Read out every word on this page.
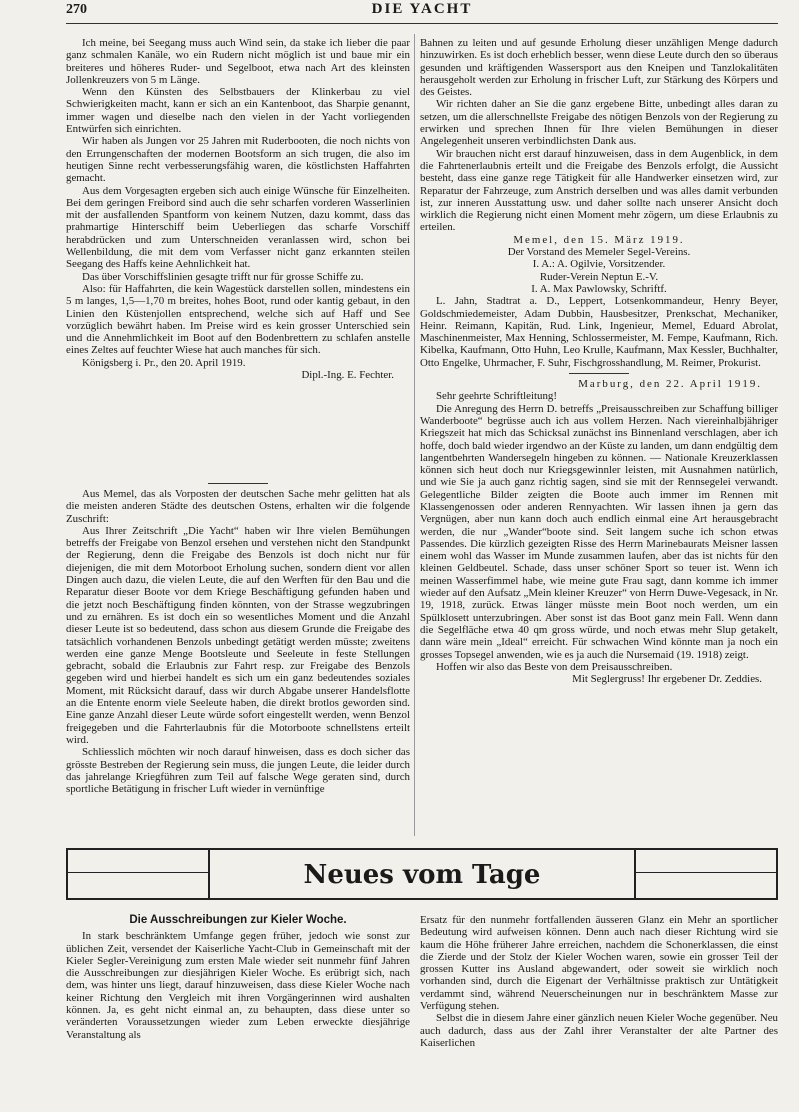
270	DIE YACHT

Ich meine, bei Seegang muss auch Wind sein, da stake ich lieber die paar ganz schmalen Kanäle, wo ein Rudern nicht möglich ist und baue mir ein breiteres und höheres Ruder- und Segelboot, etwa nach Art des kleinsten Jollenkreuzers von 5 m Länge.

Wenn den Künsten des Selbstbauers der Klinkerbau zu viel Schwierigkeiten macht, kann er sich an ein Kantenboot, das Sharpie genannt, immer wagen und dieselbe nach den vielen in der Yacht vorliegenden Entwürfen sich einrichten.

Wir haben als Jungen vor 25 Jahren mit Ruderbooten, die noch nichts von den Errungenschaften der modernen Bootsform an sich trugen, die also im heutigen Sinne recht verbesserungsfähig waren, die köstlichsten Haffahrten gemacht.

Aus dem Vorgesagten ergeben sich auch einige Wünsche für Einzelheiten. Bei dem geringen Freibord sind auch die sehr scharfen vorderen Wasserlinien mit der ausfallenden Spantform von keinem Nutzen, dazu kommt, dass das prahmartige Hinterschiff beim Ueberliegen das scharfe Vorschiff herabdrücken und zum Unterschneiden veranlassen wird, schon bei Wellenbildung, die mit dem vom Verfasser nicht ganz erkannten steilen Seegang des Haffs keine Aehnlichkeit hat.

Das über Vorschiffslinien gesagte trifft nur für grosse Schiffe zu.

Also: für Haffahrten, die kein Wagestück darstellen sollen, mindestens ein 5 m langes, 1,5—1,70 m breites, hohes Boot, rund oder kantig gebaut, in den Linien den Küstenjollen entsprechend, welche sich auf Haff und See vorzüglich bewährt haben. Im Preise wird es kein grosser Unterschied sein und die Annehmlichkeit im Boot auf den Bodenbrettern zu schlafen anstelle eines Zeltes auf feuchter Wiese hat auch manches für sich.

Königsberg i. Pr., den 20. April 1919.

Dipl.-Ing. E. Fechter.

Aus Memel, das als Vorposten der deutschen Sache mehr gelitten hat als die meisten anderen Städte des deutschen Ostens, erhalten wir die folgende Zuschrift:

Aus Ihrer Zeitschrift „Die Yacht“ haben wir Ihre vielen Bemühungen betreffs der Freigabe von Benzol ersehen und verstehen nicht den Standpunkt der Regierung, denn die Freigabe des Benzols ist doch nicht nur für diejenigen, die mit dem Motorboot Erholung suchen, sondern dient vor allen Dingen auch dazu, die vielen Leute, die auf den Werften für den Bau und die Reparatur dieser Boote vor dem Kriege Beschäftigung gefunden haben und die jetzt noch Beschäftigung finden könnten, von der Strasse wegzubringen und zu ernähren. Es ist doch ein so wesentliches Moment und die Anzahl dieser Leute ist so bedeutend, dass schon aus diesem Grunde die Freigabe des tatsächlich vorhandenen Benzols unbedingt getätigt werden müsste; zweitens werden eine ganze Menge Bootsleute und Seeleute in feste Stellungen gebracht, sobald die Erlaubnis zur Fahrt resp. zur Freigabe des Benzols gegeben wird und hierbei handelt es sich um ein ganz bedeutendes soziales Moment, mit Rücksicht darauf, dass wir durch Abgabe unserer Handelsflotte an die Entente enorm viele Seeleute haben, die direkt brotlos geworden sind. Eine ganze Anzahl dieser Leute würde sofort eingestellt werden, wenn Benzol freigegeben und die Fahrterlaubnis für die Motorboote schnellstens erteilt wird.

Schliesslich möchten wir noch darauf hinweisen, dass es doch sicher das grösste Bestreben der Regierung sein muss, die jungen Leute, die leider durch das jahrelange Kriegführen zum Teil auf falsche Wege geraten sind, durch sportliche Betätigung in frischer Luft wieder in vernünftige

Bahnen zu leiten und auf gesunde Erholung dieser unzähligen Menge dadurch hinzuwirken. Es ist doch erheblich besser, wenn diese Leute durch den so überaus gesunden und kräftigenden Wassersport aus den Kneipen und Tanzlokalitäten herausgeholt werden zur Erholung in frischer Luft, zur Stärkung des Körpers und des Geistes.

Wir richten daher an Sie die ganz ergebene Bitte, unbedingt alles daran zu setzen, um die allerschnellste Freigabe des nötigen Benzols von der Regierung zu erwirken und sprechen Ihnen für Ihre vielen Bemühungen in dieser Angelegenheit unseren verbindlichsten Dank aus.

Wir brauchen nicht erst darauf hinzuweisen, dass in dem Augenblick, in dem die Fahrtenerlaubnis erteilt und die Freigabe des Benzols erfolgt, die Aussicht besteht, dass eine ganze rege Tätigkeit für alle Handwerker einsetzen wird, zur Reparatur der Fahrzeuge, zum Anstrich derselben und was alles damit verbunden ist, zur inneren Ausstattung usw. und daher sollte nach unserer Ansicht doch wirklich die Regierung nicht einen Moment mehr zögern, um diese Erlaubnis zu erteilen.

Memel, den 15. März 1919.

Der Vorstand des Memeler Segel-Vereins.

I. A.: A. Ogilvie, Vorsitzender.

Ruder-Verein Neptun E.-V.

I. A. Max Pawlowsky, Schriftf.

L. Jahn, Stadtrat a. D., Leppert, Lotsenkommandeur, Henry Beyer, Goldschmiedemeister, Adam Dubbin, Hausbesitzer, Prenkschat, Mechaniker, Heinr. Reimann, Kapitän, Rud. Link, Ingenieur, Memel, Eduard Abrolat, Maschinenmeister, Max Henning, Schlossermeister, M. Fempe, Kaufmann, Rich. Kibelka, Kaufmann, Otto Huhn, Leo Krulle, Kaufmann, Max Kessler, Buchhalter, Otto Engelke, Uhrmacher, F. Suhr, Fischgrosshandlung, M. Reimer, Prokurist.

Marburg, den 22. April 1919.

Sehr geehrte Schriftleitung!

Die Anregung des Herrn D. betreffs „Preisausschreiben zur Schaffung billiger Wanderboote“ begrüsse auch ich aus vollem Herzen. Nach viereinhalbjähriger Kriegszeit hat mich das Schicksal zunächst ins Binnenland verschlagen, aber ich hoffe, doch bald wieder irgendwo an der Küste zu landen, um dann endgültig dem langentbehrten Wandersegeln hingeben zu können. — Nationale Kreuzerklassen können sich heut doch nur Kriegsgewinnler leisten, mit Ausnahmen natürlich, und wie Sie ja auch ganz richtig sagen, sind sie mit der Rennsegelei verwandt. Gelegentliche Bilder zeigten die Boote auch immer im Rennen mit Klassengenossen oder anderen Rennyachten. Wir lassen ihnen ja gern das Vergnügen, aber nun kann doch auch endlich einmal eine Art herausgebracht werden, die nur „Wander“boote sind. Seit langem suche ich schon etwas Passendes. Die kürzlich gezeigten Risse des Herrn Marinebaurats Meisner lassen einem wohl das Wasser im Munde zusammen laufen, aber das ist nichts für den kleinen Geldbeutel. Schade, dass unser schöner Sport so teuer ist. Wenn ich meinen Wasserfimmel habe, wie meine gute Frau sagt, dann komme ich immer wieder auf den Aufsatz „Mein kleiner Kreuzer“ von Herrn Duwe-Vegesack, in Nr. 19, 1918, zurück. Etwas länger müsste mein Boot noch werden, um ein Spülklosett unterzubringen. Aber sonst ist das Boot ganz mein Fall. Wenn dann die Segelfläche etwa 40 qm gross würde, und noch etwas mehr Slup getakelt, dann wäre mein „Ideal“ erreicht. Für schwachen Wind könnte man ja noch ein grosses Topsegel anwenden, wie es ja auch die Nursemaid (19. 1918) zeigt.

Hoffen wir also das Beste von dem Preisausschreiben.

Mit Seglergruss! Ihr ergebener Dr. Zeddies.

Neues vom Tage
Die Ausschreibungen zur Kieler Woche.

In stark beschränktem Umfange gegen früher, jedoch wie sonst zur üblichen Zeit, versendet der Kaiserliche Yacht-Club in Gemeinschaft mit der Kieler Segler-Vereinigung zum ersten Male wieder seit nunmehr fünf Jahren die Ausschreibungen zur diesjährigen Kieler Woche. Es erübrigt sich, nach dem, was hinter uns liegt, darauf hinzuweisen, dass diese Kieler Woche nach keiner Richtung den Vergleich mit ihren Vorgängerinnen wird aushalten können. Ja, es geht nicht einmal an, zu behaupten, dass diese unter so veränderten Voraussetzungen wieder zum Leben erweckte diesjährige Veranstaltung als

Ersatz für den nunmehr fortfallenden äusseren Glanz ein Mehr an sportlicher Bedeutung wird aufweisen können. Denn auch nach dieser Richtung wird sie kaum die Höhe früherer Jahre erreichen, nachdem die Schonerklassen, die einst die Zierde und der Stolz der Kieler Wochen waren, sowie ein grosser Teil der grossen Kutter ins Ausland abgewandert, oder soweit sie wirklich noch vorhanden sind, durch die Eigenart der Verhältnisse praktisch zur Untätigkeit verdammt sind, während Neuerscheinungen nur in beschränktem Masse zur Verfügung stehen.

Selbst die in diesem Jahre einer gänzlich neuen Kieler Woche gegenüber. Neu auch dadurch, dass aus der Zahl ihrer Veranstalter der alte Partner des Kaiserlichen
